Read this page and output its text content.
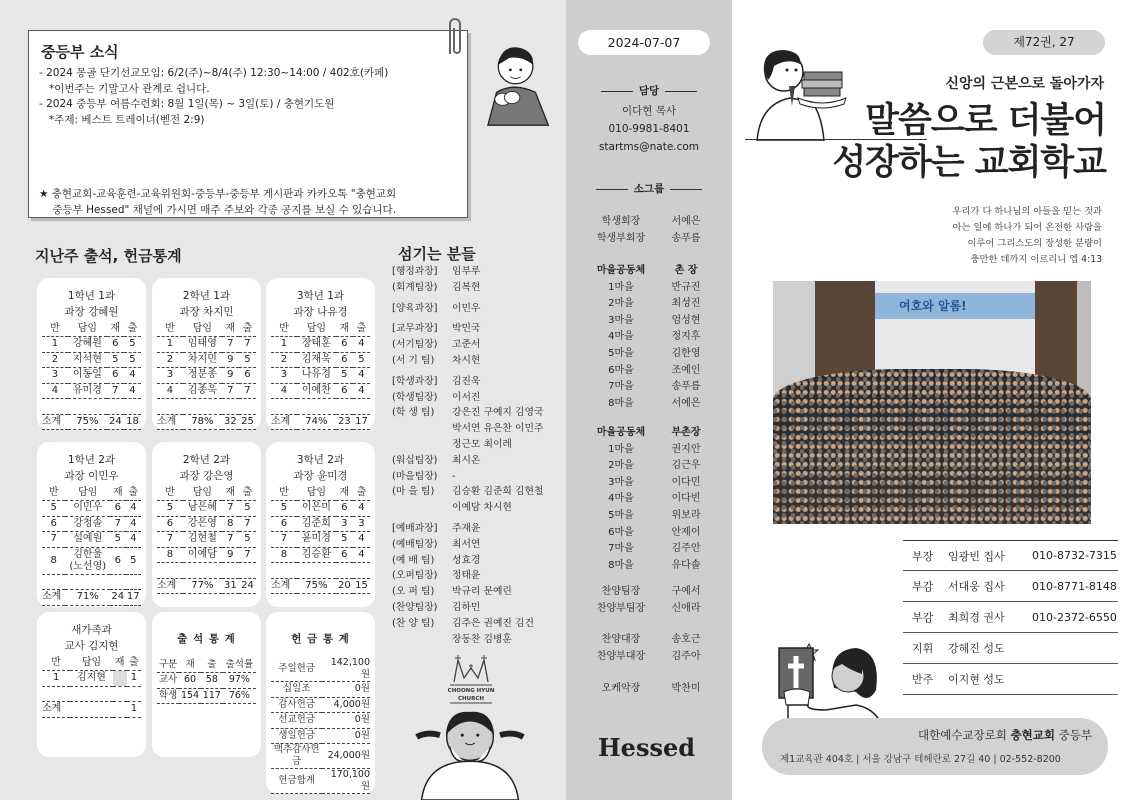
중등부 소식
- 2024 몽골 단기선교모임: 6/2(주)~8/4(주) 12:30~14:00 / 402호(카페)
*이번주는 기말고사 관계로 쉽니다.
- 2024 중등부 여름수련회: 8월 1일(목) ~ 3일(토) / 충현기도원
*주제: 베스트 트레이너(벧전 2:9)
★ 충현교회-교육훈련-교육위원회-중등부-중등부 게시판과 카카오톡 "충현교회
중등부 Hessed" 채널에 가시면 매주 주보와 각종 공지를 보실 수 있습니다.
지난주 출석, 헌금통계
1학년 1과
과장 강혜원
반	담임	재	출
1	강혜원	6	5
2	지석현	5	5
3	이동일	6	4
4	유미경	7	4

소계	75%	24	18
2학년 1과
과장 차지민
반	담임	재	출
1	임태영	7	7
2	차지민	9	5
3	정문종	9	6
4	김종욱	7	7

소계	78%	32	25
3학년 1과
과장 나유경
반	담임	재	출
1	장태훈	6	4
2	김재욱	6	5
3	나유경	5	4
4	이예찬	6	4

소계	74%	23	17
1학년 2과
과장 이민우
반	담임	재	출
5	이민우	6	4
6	강청솔	7	4
7	설예원	5	4
8	김한울
(노선영)	6	5

소계	71%	24	17
2학년 2과
과장 강은영
반	담임	재	출
5	남은혜	7	5
6	강은영	8	7
7	김현철	7	5
8	이예담	9	7

소계	77%	31	24
3학년 2과
과장 윤미경
반	담임	재	출
5	이은미	6	4
6	김준희	3	3
7	윤미경	5	4
8	김승환	6	4

소계	75%	20	15
새가족과
교사 김지현
반	담임	재	출
1	김지현		1

소계			1
출 석 통 계
구분	재	출	출석률
교사	60	58	97%
학생	154	117	76%
헌 금 통 계
주일헌금	142,100원
십일조	0원
감사헌금	4,000원
선교헌금	0원
생일헌금	0원
맥추감사헌금	24,000원
헌금합계	170,100원
섬기는 분들
[행정과장]	임부루
(회계팀장)	김복현
[양육과장]	이민우
[교무과장]	박민국
(서기팀장)	고준서
(서 기 팀)	차시현
[학생과장]	김진욱
(학생팀장)	이서진
(학 생 팀)	강은진 구예지 김영국
박서연 유은찬 이민주
정근모 최이레
(워십팀장)	최시온
(마을팀장)	-
(마 을 팀)	김승환 김준희 김현철
이예담 차시현
[예배과장]	주재윤
(예배팀장)	최서연
(예 배 팀)	성효경
(오퍼팀장)	정태윤
(오 퍼 팀)	박규리 문예린
(찬양팀장)	김하민
(찬 양 팀)	김주은 권예진 김건
장동찬 김병훈
CHOONG HYUN
CHURCH
2024-07-07
담당
이다현 목사
010-9981-8401
startms@nate.com
소그룹
학생회장	서예은
학생부회장	송푸름
마을공동체	촌 장
1마을	반규진
2마을	최성진
3마을	엄성현
4마을	정지후
5마을	김한영
6마을	조예인
7마을	송푸름
8마을	서예은
마을공동체	부촌장
1마을	권지안
2마을	김근우
3마을	이다민
4마을	이다빈
5마을	위보라
6마을	안제이
7마을	김주안
8마을	유다솔
찬양팀장	구예서
찬양부팀장	신애라
찬양대장	송호근
찬양부대장	김주아
오케악장	박찬미
Hessed
제72권, 27
신앙의 근본으로 돌아가자
말씀으로 더불어
성장하는 교회학교
우리가 다 하나님의 아들을 믿는 것과
아는 일에 하나가 되어 온전한 사람을
이루어 그리스도의 장성한 분량이
충만한 데까지 이르리니 엡 4:13
여호와 알롬!
부장	임광빈 집사	010-8732-7315
부감	서대웅 집사	010-8771-8148
부감	최희경 권사	010-2372-6550
지휘	강혜진 성도
반주	이지현 성도
대한예수교장로회 충현교회 중등부
제1교육관 404호 | 서울 강남구 테헤란로 27길 40 | 02-552-8200
